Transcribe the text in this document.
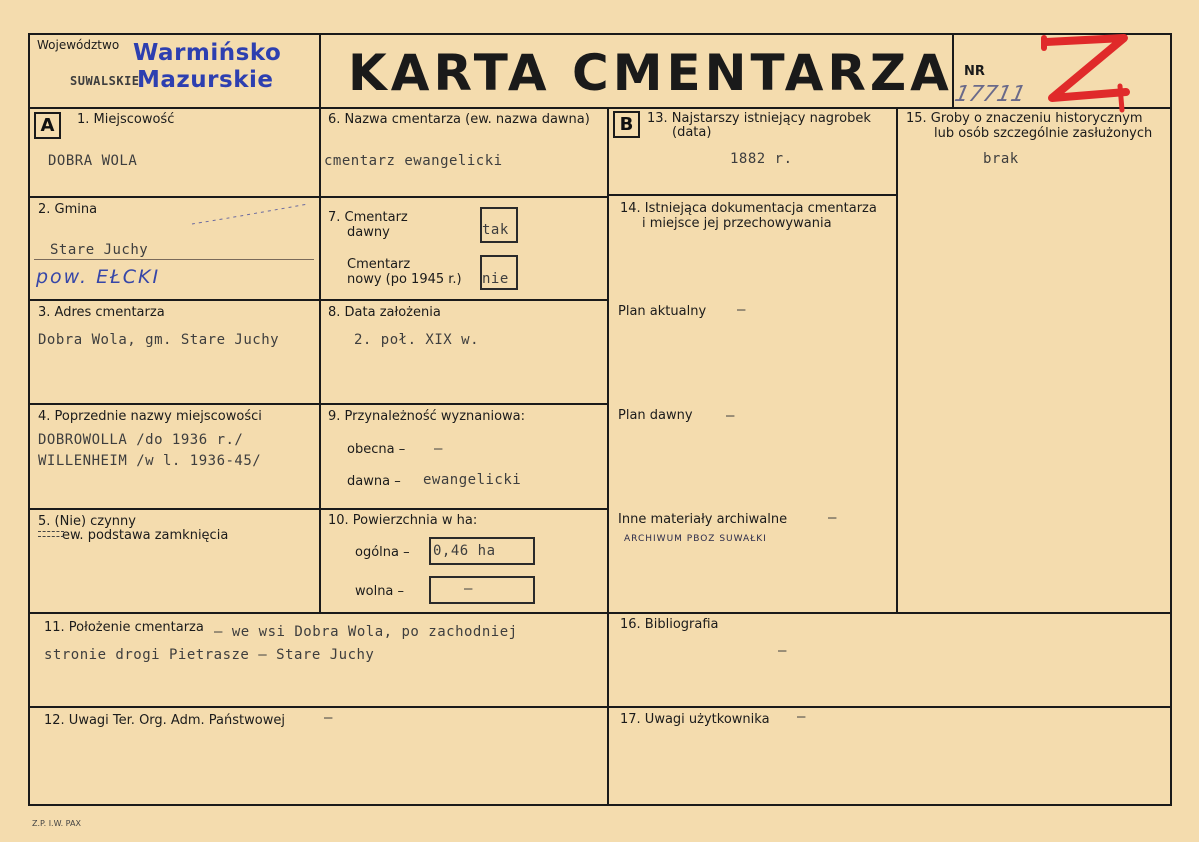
Województwo
SUWALSKIE
Warmińsko
Mazurskie KARTA CMENTARZA NR
17711
A	B
1. Miejscowość
DOBRA WOLA
2. Gmina
Stare Juchy
pow. EŁCKI
3. Adres cmentarza
Dobra Wola, gm. Stare Juchy
4. Poprzednie nazwy miejscowości
DOBROWOLLA /do 1936 r./
WILLENHEIM /w l. 1936-45/
5. (Nie) czynny
ew. podstawa zamknięcia
6. Nazwa cmentarza (ew. nazwa dawna)
cmentarz ewangelicki
7. Cmentarz
dawny	tak
Cmentarz
nowy (po 1945 r.) nie
8. Data założenia
2. poł. XIX w.
9. Przynależność wyznaniowa:
obecna – –
dawna – ewangelicki
10. Powierzchnia w ha:
ogólna – 0,46 ha
wolna –	–
11. Położenie cmentarza – we wsi Dobra Wola, po zachodniej
stronie drogi Pietrasze – Stare Juchy
12. Uwagi Ter. Org. Adm. Państwowej	–
13. Najstarszy istniejący nagrobek
(data)
1882 r.
14. Istniejąca dokumentacja cmentarza
i miejsce jej przechowywania
Plan aktualny –
Plan dawny –
Inne materiały archiwalne	–
ARCHIWUM PBOZ SUWAŁKI
15. Groby o znaczeniu historycznym
lub osób szczególnie zasłużonych
brak
16. Bibliografia
–
17. Uwagi użytkownika –
Z.P. I.W. PAX
